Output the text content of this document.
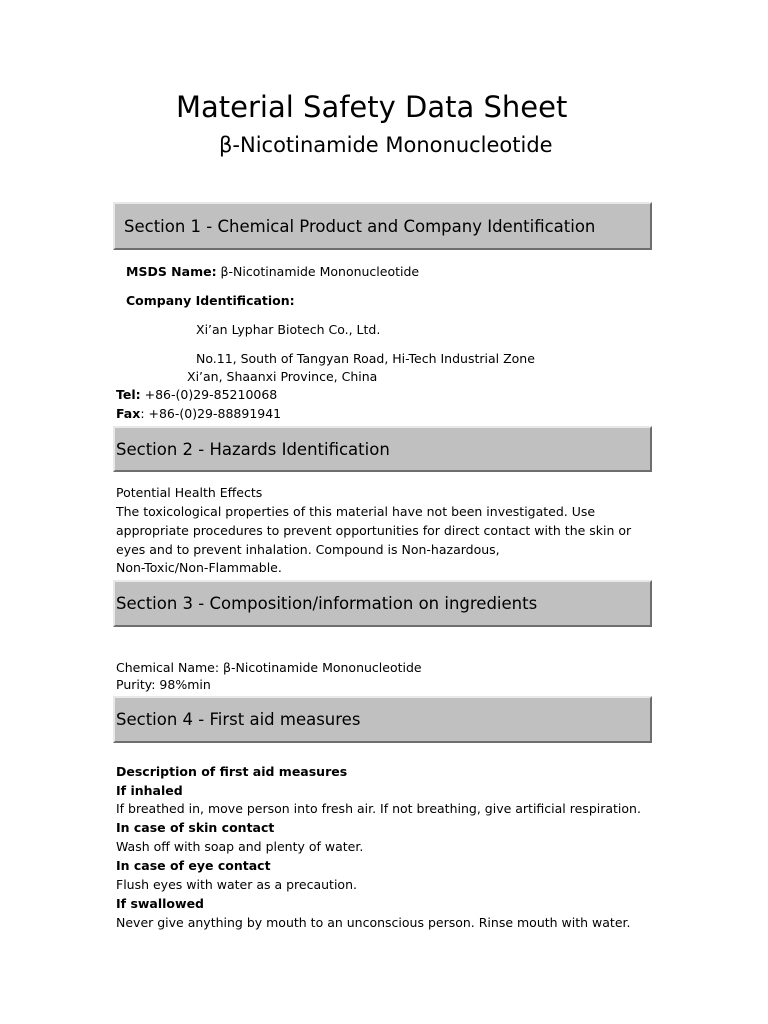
Material Safety Data Sheet
β-Nicotinamide Mononucleotide
Section 1 - Chemical Product and Company Identification
MSDS Name: β-Nicotinamide Mononucleotide
Company Identification:
Xi’an Lyphar Biotech Co., Ltd.
No.11, South of Tangyan Road, Hi-Tech Industrial Zone
Xi’an, Shaanxi Province, China
Tel: +86-(0)29-85210068
Fax: +86-(0)29-88891941
Section 2 - Hazards Identification
Potential Health Effects
The toxicological properties of this material have not been investigated. Use
appropriate procedures to prevent opportunities for direct contact with the skin or
eyes and to prevent inhalation. Compound is Non-hazardous,
Non-Toxic/Non-Flammable.
Section 3 - Composition/information on ingredients
Chemical Name: β-Nicotinamide Mononucleotide
Purity: 98%min
Section 4 - First aid measures
Description of first aid measures
If inhaled
If breathed in, move person into fresh air. If not breathing, give artificial respiration.
In case of skin contact
Wash off with soap and plenty of water.
In case of eye contact
Flush eyes with water as a precaution.
If swallowed
Never give anything by mouth to an unconscious person. Rinse mouth with water.
